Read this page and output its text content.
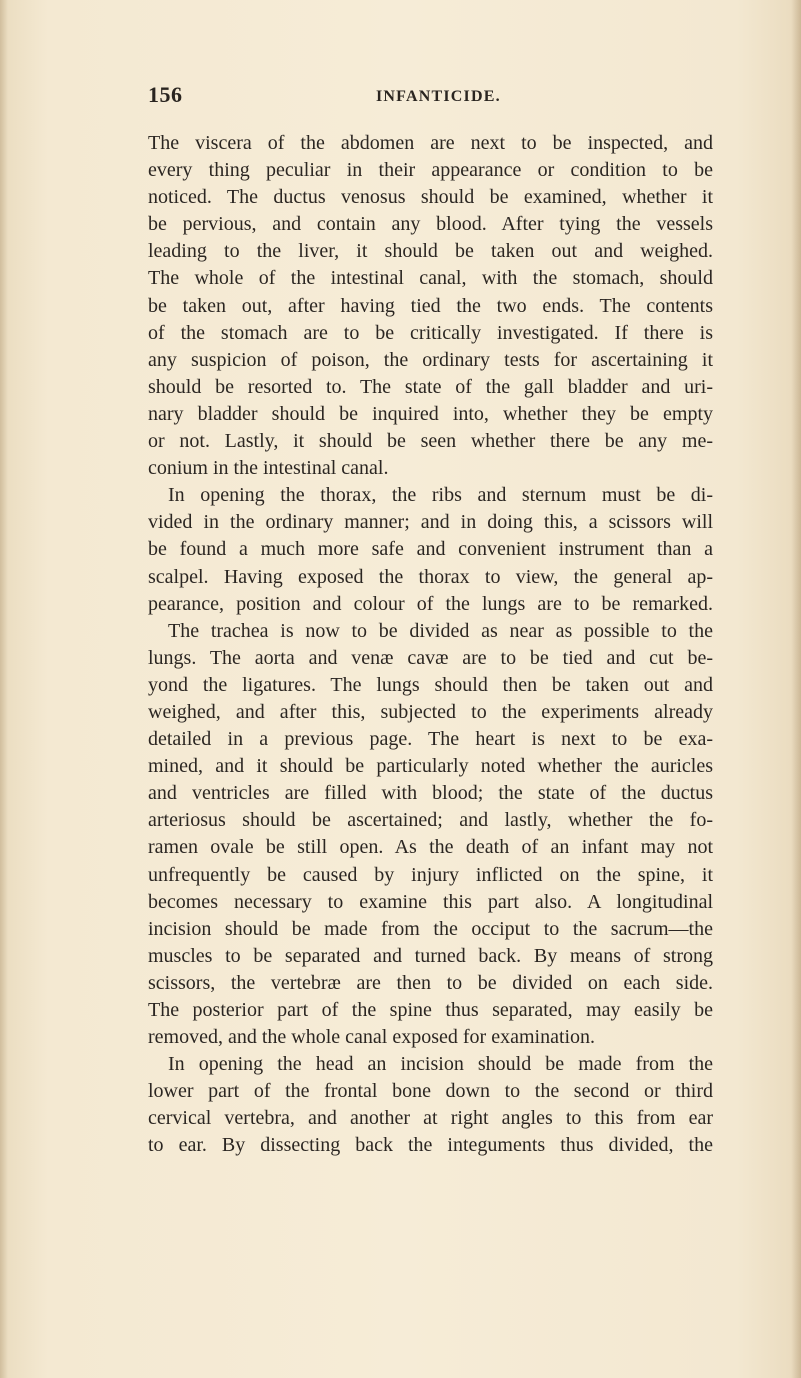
156	INFANTICIDE.
The viscera of the abdomen are next to be inspected, and
every thing peculiar in their appearance or condition to be
noticed. The ductus venosus should be examined, whether it
be pervious, and contain any blood. After tying the vessels
leading to the liver, it should be taken out and weighed.
The whole of the intestinal canal, with the stomach, should
be taken out, after having tied the two ends. The contents
of the stomach are to be critically investigated. If there is
any suspicion of poison, the ordinary tests for ascertaining it
should be resorted to. The state of the gall bladder and uri-
nary bladder should be inquired into, whether they be empty
or not. Lastly, it should be seen whether there be any me-
conium in the intestinal canal.
In opening the thorax, the ribs and sternum must be di-
vided in the ordinary manner; and in doing this, a scissors will
be found a much more safe and convenient instrument than a
scalpel. Having exposed the thorax to view, the general ap-
pearance, position and colour of the lungs are to be remarked.
The trachea is now to be divided as near as possible to the
lungs. The aorta and venæ cavæ are to be tied and cut be-
yond the ligatures. The lungs should then be taken out and
weighed, and after this, subjected to the experiments already
detailed in a previous page. The heart is next to be exa-
mined, and it should be particularly noted whether the auricles
and ventricles are filled with blood; the state of the ductus
arteriosus should be ascertained; and lastly, whether the fo-
ramen ovale be still open. As the death of an infant may not
unfrequently be caused by injury inflicted on the spine, it
becomes necessary to examine this part also. A longitudinal
incision should be made from the occiput to the sacrum—the
muscles to be separated and turned back. By means of strong
scissors, the vertebræ are then to be divided on each side.
The posterior part of the spine thus separated, may easily be
removed, and the whole canal exposed for examination.
In opening the head an incision should be made from the
lower part of the frontal bone down to the second or third
cervical vertebra, and another at right angles to this from ear
to ear. By dissecting back the integuments thus divided, the
